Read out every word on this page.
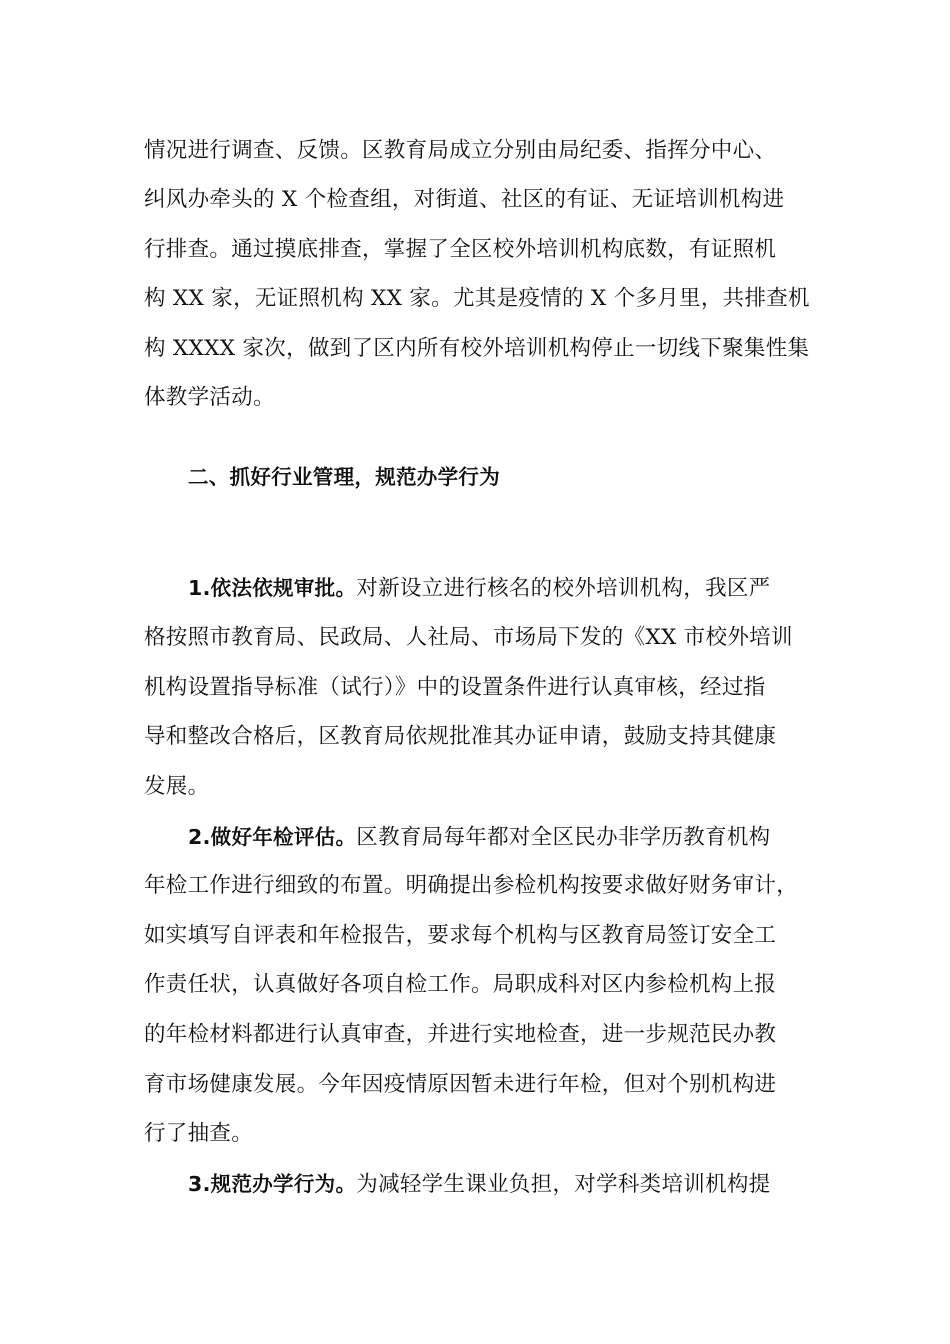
情况进行调查、反馈。区教育局成立分别由局纪委、指挥分中心、
纠风办牵头的 X 个检查组，对街道、社区的有证、无证培训机构进
行排查。通过摸底排查，掌握了全区校外培训机构底数，有证照机
构 XX 家，无证照机构 XX 家。尤其是疫情的 X 个多月里，共排查机
构 XXXX 家次，做到了区内所有校外培训机构停止一切线下聚集性集
体教学活动。
二、抓好行业管理，规范办学行为
1.依法依规审批。对新设立进行核名的校外培训机构，我区严
格按照市教育局、民政局、人社局、市场局下发的《XX 市校外培训
机构设置指导标准（试行）》中的设置条件进行认真审核，经过指
导和整改合格后，区教育局依规批准其办证申请，鼓励支持其健康
发展。
2.做好年检评估。区教育局每年都对全区民办非学历教育机构
年检工作进行细致的布置。明确提出参检机构按要求做好财务审计，
如实填写自评表和年检报告，要求每个机构与区教育局签订安全工
作责任状，认真做好各项自检工作。局职成科对区内参检机构上报
的年检材料都进行认真审查，并进行实地检查，进一步规范民办教
育市场健康发展。今年因疫情原因暂未进行年检，但对个别机构进
行了抽查。
3.规范办学行为。为减轻学生课业负担，对学科类培训机构提
